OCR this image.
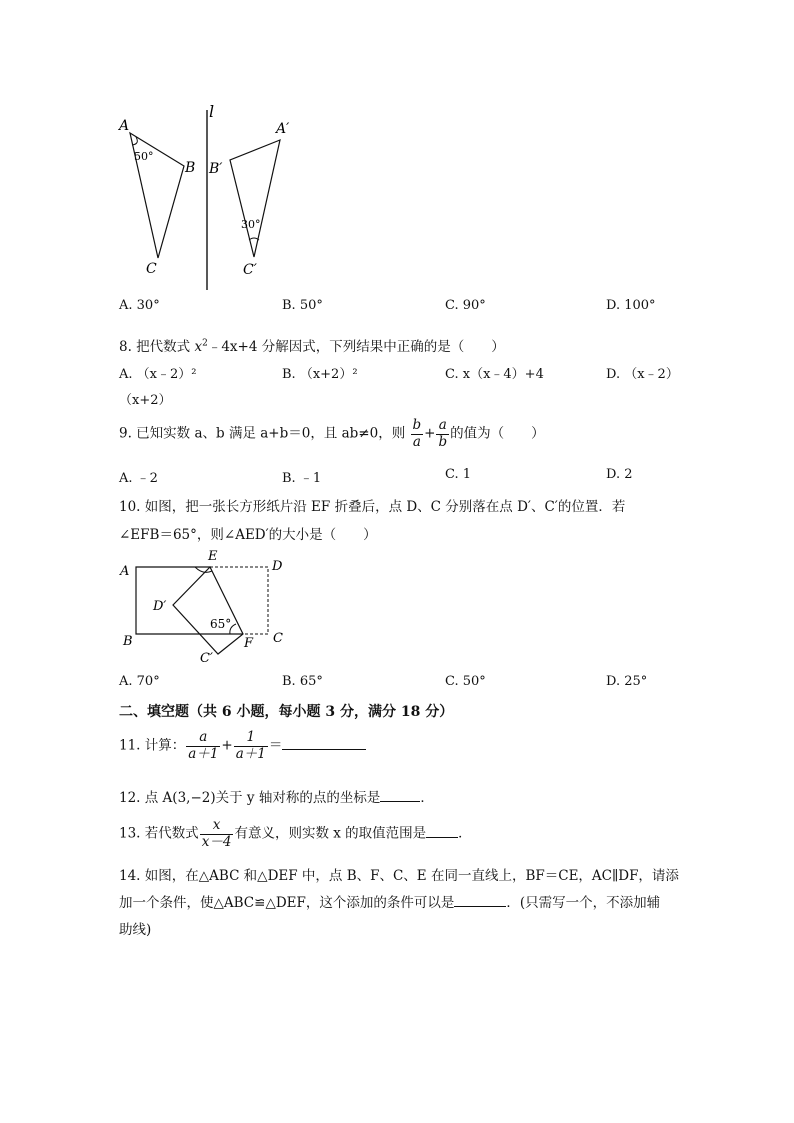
A
B
C
50°
l
A′
B′
C′
30°
A. 30°	B. 50°	C. 90°	D. 100°
8. 把代数式 $x^2﹣4x+4$ 分解因式，下列结果中正确的是（　　）
A. （x﹣2）²	B. （x+2）²	C. x（x﹣4）+4	D. （x﹣2）
（x+2）
9. 已知实数 a、b 满足 a+b＝0，且 ab≠0，则 $\frac{b}{a} + \frac{a}{b}$ 的值为（　　）
A. ﹣2	B. ﹣1	C. 1	D. 2
10. 如图，把一张长方形纸片沿 EF 折叠后，点 D、C 分别落在点 D′、C′的位置．若
∠EFB＝65°，则∠AED′的大小是（　　）
A
B	C
D
E
F
D′
C′
65°
A. 70°	B. 65°	C. 50°	D. 25°
二、填空题（共 6 小题，每小题 3 分，满分 18 分）
11. 计算： $\frac{a}{a+1} + \frac{1}{a+1}$ ＝
12. 点 A(3,−2)关于 y 轴对称的点的坐标是	．
13. 若代数式 $\frac{x}{x-4}$ 有意义，则实数 x 的取值范围是 ．
14. 如图，在△ABC 和△DEF 中，点 B、F、C、E 在同一直线上，BF＝CE，AC∥DF，请添
加一个条件，使△ABC≌△DEF，这个添加的条件可以是	．(只需写一个，不添加辅
助线)
